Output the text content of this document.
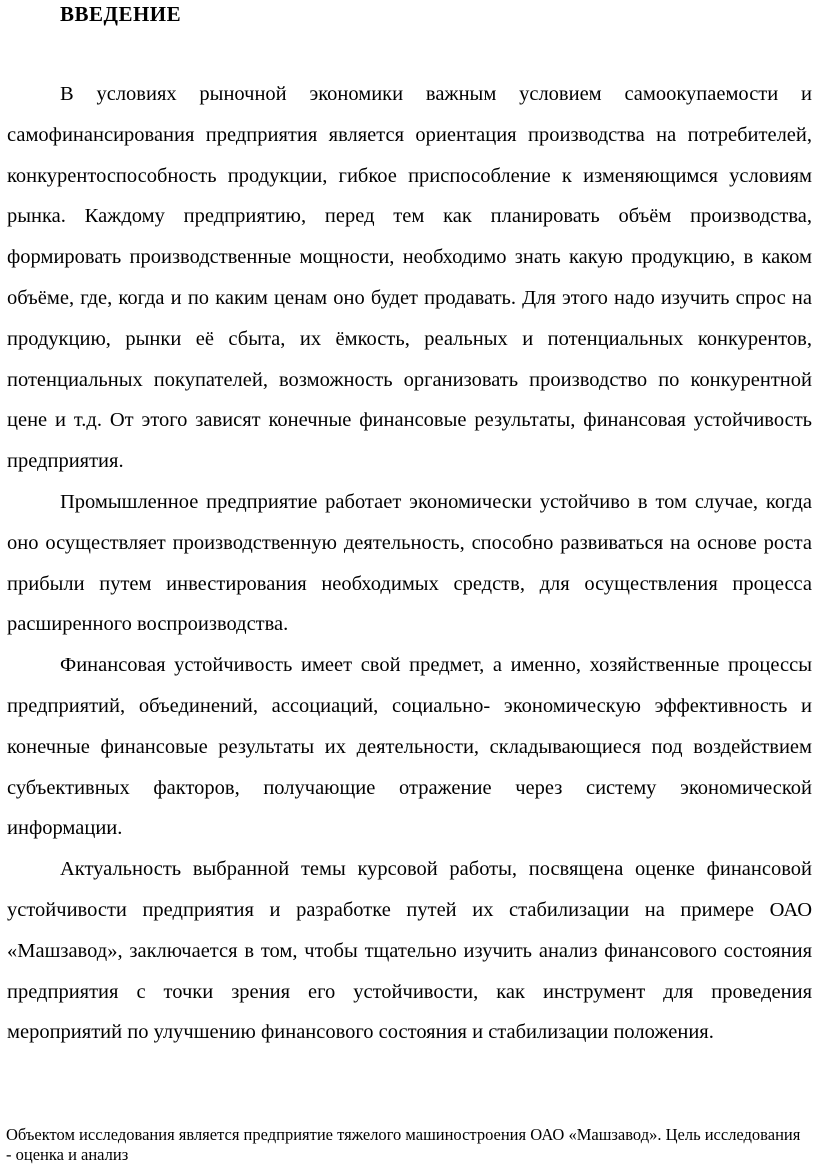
ВВЕДЕНИЕ

В условиях рыночной экономики важным условием самоокупаемости и самофинансирования предприятия является ориентация производства на потребителей, конкурентоспособность продукции, гибкое приспособление к изменяющимся условиям рынка. Каждому предприятию, перед тем как планировать объём производства, формировать производственные мощности, необходимо знать какую продукцию, в каком объёме, где, когда и по каким ценам оно будет продавать. Для этого надо изучить спрос на продукцию, рынки её сбыта, их ёмкость, реальных и потенциальных конкурентов, потенциальных покупателей, возможность организовать производство по конкурентной цене и т.д. От этого зависят конечные финансовые результаты, финансовая устойчивость предприятия.

Промышленное предприятие работает экономически устойчиво в том случае, когда оно осуществляет производственную деятельность, способно развиваться на основе роста прибыли путем инвестирования необходимых средств, для осуществления процесса расширенного воспроизводства.

Финансовая устойчивость имеет свой предмет, а именно, хозяйственные процессы предприятий, объединений, ассоциаций, социально- экономическую эффективность и конечные финансовые результаты их деятельности, складывающиеся под воздействием субъективных факторов, получающие отражение через систему экономической информации.

Актуальность выбранной темы курсовой работы, посвящена оценке финансовой устойчивости предприятия и разработке путей их стабилизации на примере ОАО «Машзавод», заключается в том, чтобы тщательно изучить анализ финансового состояния предприятия с точки зрения его устойчивости, как инструмент для проведения мероприятий по улучшению финансового состояния и стабилизации положения.

Объектом исследования является предприятие тяжелого машиностроения ОАО «Машзавод». Цель исследования - оценка и анализ
